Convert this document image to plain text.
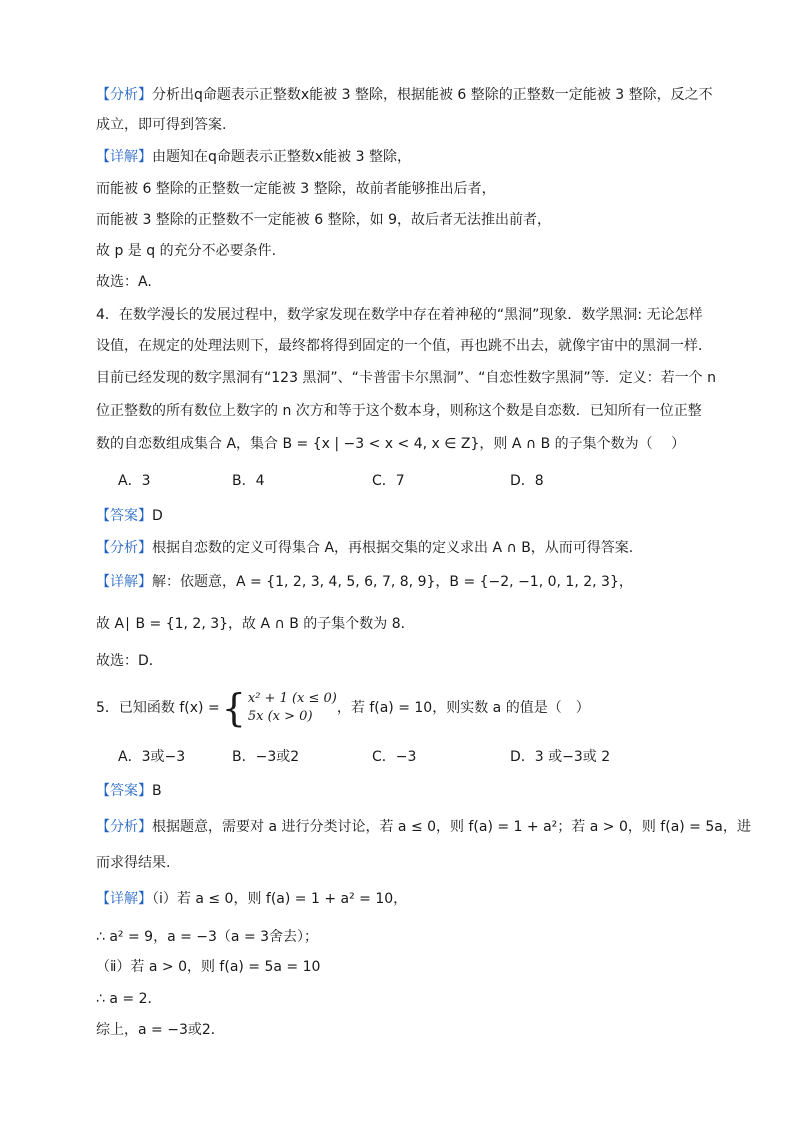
【分析】分析出q命题表示正整数x能被 3 整除，根据能被 6 整除的正整数一定能被 3 整除，反之不
成立，即可得到答案.
【详解】由题知在q命题表示正整数x能被 3 整除，
而能被 6 整除的正整数一定能被 3 整除，故前者能够推出后者，
而能被 3 整除的正整数不一定能被 6 整除，如 9，故后者无法推出前者，
故 p 是 q 的充分不必要条件.
故选：A.
4．在数学漫长的发展过程中，数学家发现在数学中存在着神秘的“黑洞”现象．数学黑洞: 无论怎样
设值，在规定的处理法则下，最终都将得到固定的一个值，再也跳不出去，就像宇宙中的黑洞一样．
目前已经发现的数字黑洞有“123 黑洞”、“卡普雷卡尔黑洞”、“自恋性数字黑洞”等．定义：若一个 n
位正整数的所有数位上数字的 n 次方和等于这个数本身，则称这个数是自恋数．已知所有一位正整
数的自恋数组成集合 A，集合 B = {x | −3 < x < 4, x ∈ Z}，则 A ∩ B 的子集个数为（　 ）
A．3	B．4	C．7	D．8
【答案】D
【分析】根据自恋数的定义可得集合 A，再根据交集的定义求出 A ∩ B，从而可得答案.
【详解】解：依题意，A = {1, 2, 3, 4, 5, 6, 7, 8, 9}，B = {−2, −1, 0, 1, 2, 3}，
故 A∣ B = {1, 2, 3}，故 A ∩ B 的子集个数为 8．
故选：D．
5．已知函数 f(x) = { x² + 1 (x ≤ 0)
5x (x > 0)
，若 f(a) = 10，则实数 a 的值是（　）
A．3或−3	B．−3或2	C．−3	D．3 或−3或 2
【答案】B
【分析】根据题意，需要对 a 进行分类讨论，若 a ≤ 0，则 f(a) = 1 + a²；若 a > 0，则 f(a) = 5a，进
而求得结果.
【详解】（ⅰ）若 a ≤ 0，则 f(a) = 1 + a² = 10，
∴ a² = 9，a = −3（a = 3舍去）；
（ⅱ）若 a > 0，则 f(a) = 5a = 10
∴ a = 2．
综上，a = −3或2．
